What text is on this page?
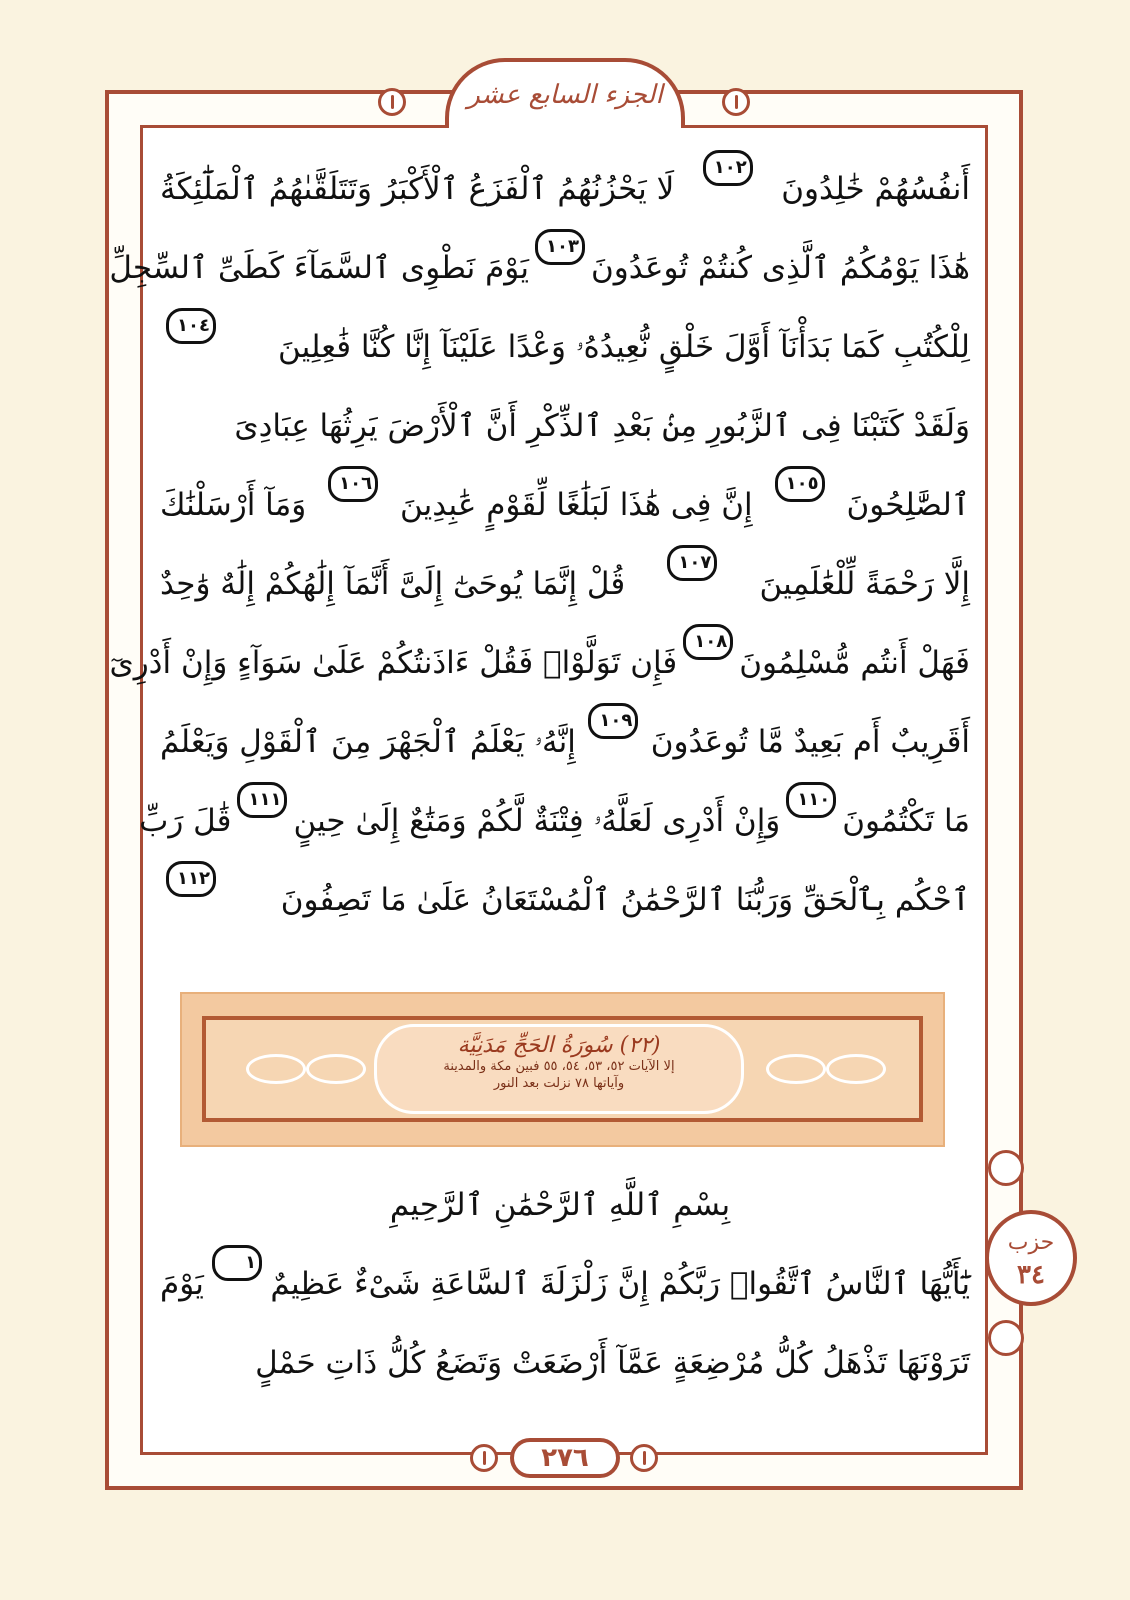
الجزء السابع عشر
أَنفُسُهُمْ خَٰلِدُونَ
١٠٢
لَا يَحْزُنُهُمُ ٱلْفَزَعُ ٱلْأَكْبَرُ وَتَتَلَقَّىٰهُمُ ٱلْمَلَٰٓئِكَةُ
هَٰذَا يَوْمُكُمُ ٱلَّذِى كُنتُمْ تُوعَدُونَ
١٠٣
يَوْمَ نَطْوِى ٱلسَّمَآءَ كَطَىِّ ٱلسِّجِلِّ
لِلْكُتُبِ كَمَا بَدَأْنَآ أَوَّلَ خَلْقٍ نُّعِيدُهُۥ وَعْدًا عَلَيْنَآ إِنَّا كُنَّا فَٰعِلِينَ
١٠٤
وَلَقَدْ كَتَبْنَا فِى ٱلزَّبُورِ مِنۢ بَعْدِ ٱلذِّكْرِ أَنَّ ٱلْأَرْضَ يَرِثُهَا عِبَادِىَ
ٱلصَّٰلِحُونَ
١٠٥
إِنَّ فِى هَٰذَا لَبَلَٰغًا لِّقَوْمٍ عَٰبِدِينَ
١٠٦
وَمَآ أَرْسَلْنَٰكَ
إِلَّا رَحْمَةً لِّلْعَٰلَمِينَ
١٠٧
قُلْ إِنَّمَا يُوحَىٰٓ إِلَىَّ أَنَّمَآ إِلَٰهُكُمْ إِلَٰهٌ وَٰحِدٌ
فَهَلْ أَنتُم مُّسْلِمُونَ
١٠٨
فَإِن تَوَلَّوْا۟ فَقُلْ ءَاذَنتُكُمْ عَلَىٰ سَوَآءٍ وَإِنْ أَدْرِىٓ
أَقَرِيبٌ أَم بَعِيدٌ مَّا تُوعَدُونَ
١٠٩
إِنَّهُۥ يَعْلَمُ ٱلْجَهْرَ مِنَ ٱلْقَوْلِ وَيَعْلَمُ
مَا تَكْتُمُونَ
١١٠
وَإِنْ أَدْرِى لَعَلَّهُۥ فِتْنَةٌ لَّكُمْ وَمَتَٰعٌ إِلَىٰ حِينٍ
١١١
قَٰلَ رَبِّ
ٱحْكُم بِٱلْحَقِّ وَرَبُّنَا ٱلرَّحْمَٰنُ ٱلْمُسْتَعَانُ عَلَىٰ مَا تَصِفُونَ
١١٢
(٢٢) سُورَةُ الحَجِّ مَدَنِيَّة
إلا الآيات ٥٢، ٥٣، ٥٤، ٥٥ فبين مكة والمدينة
وآياتها ٧٨ نزلت بعد النور
بِسْمِ ٱللَّهِ ٱلرَّحْمَٰنِ ٱلرَّحِيمِ
يَٰٓأَيُّهَا ٱلنَّاسُ ٱتَّقُوا۟ رَبَّكُمْ إِنَّ زَلْزَلَةَ ٱلسَّاعَةِ شَىْءٌ عَظِيمٌ
١
يَوْمَ
تَرَوْنَهَا تَذْهَلُ كُلُّ مُرْضِعَةٍ عَمَّآ أَرْضَعَتْ وَتَضَعُ كُلُّ ذَاتِ حَمْلٍ
حزب
٣٤
٢٧٦
